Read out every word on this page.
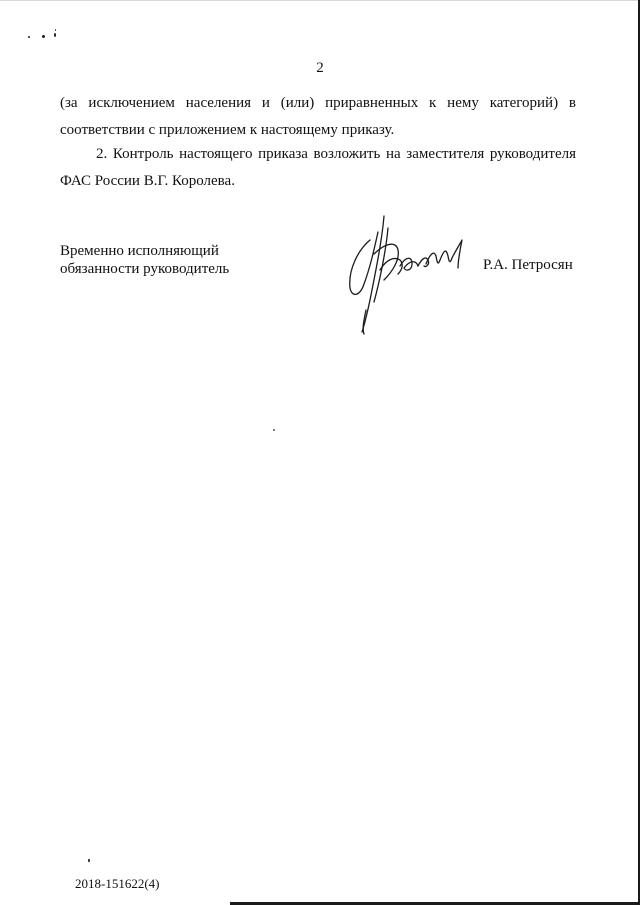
2

(за исключением населения и (или) приравненных к нему категорий) в
соответствии с приложением к настоящему приказу.

2. Контроль настоящего приказа возложить на заместителя руководителя
ФАС России В.Г. Королева.

Временно исполняющий
обязанности руководитель	Р.А. Петросян
2018-151622(4)
